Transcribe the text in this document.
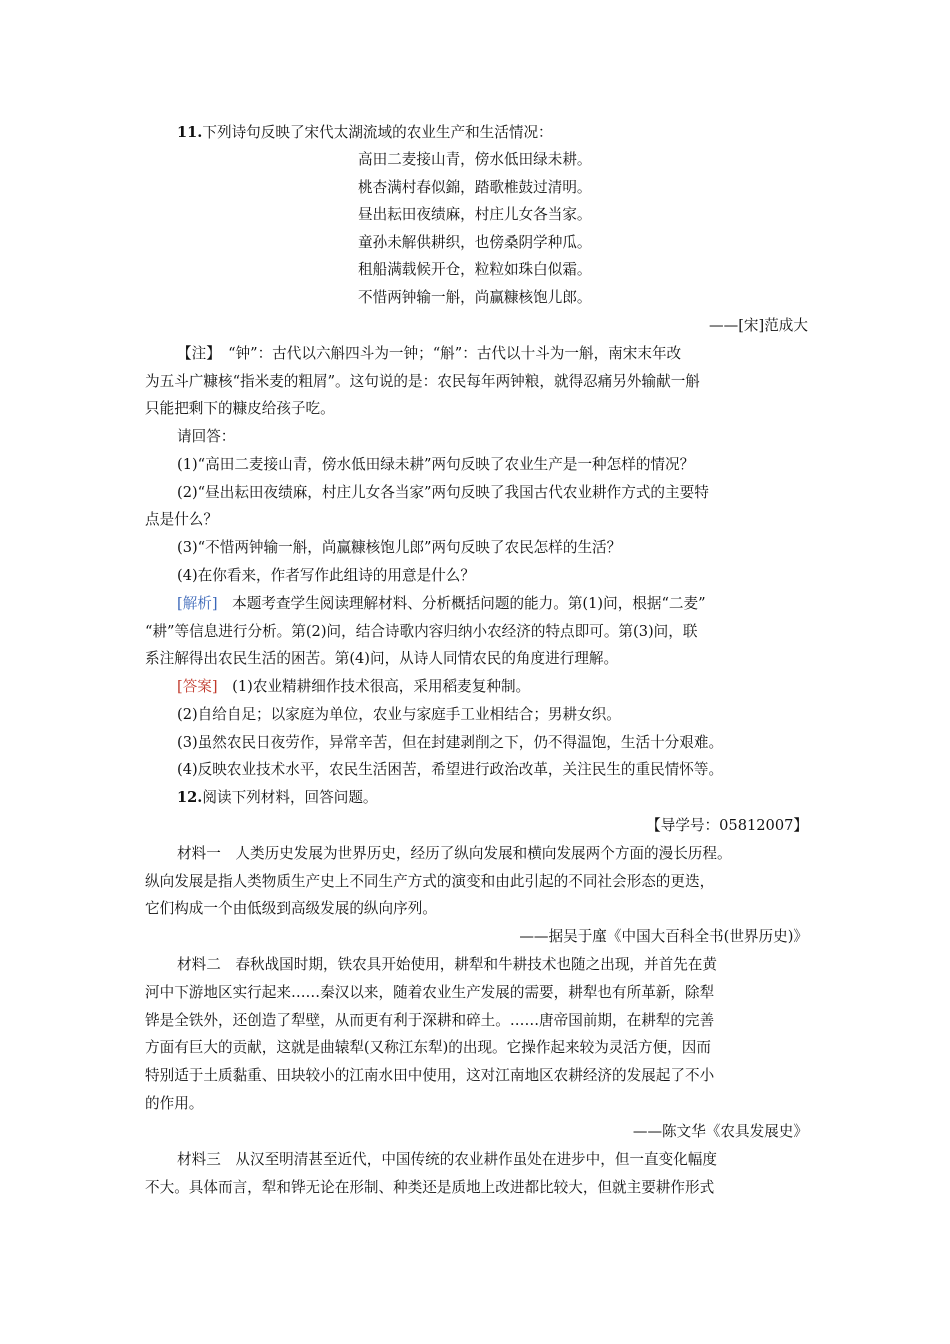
11.下列诗句反映了宋代太湖流域的农业生产和生活情况：
高田二麦接山青，傍水低田绿未耕。
桃杏满村春似錦，踏歌椎鼓过清明。
昼出耘田夜绩麻，村庄儿女各当家。
童孙未解供耕织，也傍桑阴学种瓜。
租船满载候开仓，粒粒如珠白似霜。
不惜两钟输一斛，尚赢糠核饱儿郎。
——[宋]范成大
【注】　“钟”：古代以六斛四斗为一钟；“斛”：古代以十斗为一斛，南宋末年改
为五斗广糠核“指米麦的粗屑”。这句说的是：农民每年两钟粮，就得忍痛另外输献一斛
只能把剩下的糠皮给孩子吃。
请回答：
(1)“高田二麦接山青，傍水低田绿未耕”两句反映了农业生产是一种怎样的情况？
(2)“昼出耘田夜绩麻，村庄儿女各当家”两句反映了我国古代农业耕作方式的主要特
点是什么？
(3)“不惜两钟输一斛，尚赢糠核饱儿郎”两句反映了农民怎样的生活？
(4)在你看来，作者写作此组诗的用意是什么？
[解析]　本题考查学生阅读理解材料、分析概括问题的能力。第(1)问，根据“二麦”
“耕”等信息进行分析。第(2)问，结合诗歌内容归纳小农经济的特点即可。第(3)问，联
系注解得出农民生活的困苦。第(4)问，从诗人同情农民的角度进行理解。
[答案]　(1)农业精耕细作技术很高，采用稻麦复种制。
(2)自给自足；以家庭为单位，农业与家庭手工业相结合；男耕女织。
(3)虽然农民日夜劳作，异常辛苦，但在封建剥削之下，仍不得温饱，生活十分艰难。
(4)反映农业技术水平，农民生活困苦，希望进行政治改革，关注民生的重民情怀等。
12.阅读下列材料，回答问题。
【导学号：05812007】
材料一　人类历史发展为世界历史，经历了纵向发展和横向发展两个方面的漫长历程。
纵向发展是指人类物质生产史上不同生产方式的演变和由此引起的不同社会形态的更迭，
它们构成一个由低级到高级发展的纵向序列。
——据吴于廑《中国大百科全书(世界历史)》
材料二　春秋战国时期，铁农具开始使用，耕犁和牛耕技术也随之出现，并首先在黄
河中下游地区实行起来……秦汉以来，随着农业生产发展的需要，耕犁也有所革新，除犁
铧是全铁外，还创造了犁壁，从而更有利于深耕和碎土。……唐帝国前期，在耕犁的完善
方面有巨大的贡献，这就是曲辕犁(又称江东犁)的出现。它操作起来较为灵活方便，因而
特别适于土质黏重、田块较小的江南水田中使用，这对江南地区农耕经济的发展起了不小
的作用。
——陈文华《农具发展史》
材料三　从汉至明清甚至近代，中国传统的农业耕作虽处在进步中，但一直变化幅度
不大。具体而言，犁和铧无论在形制、种类还是质地上改进都比较大，但就主要耕作形式
